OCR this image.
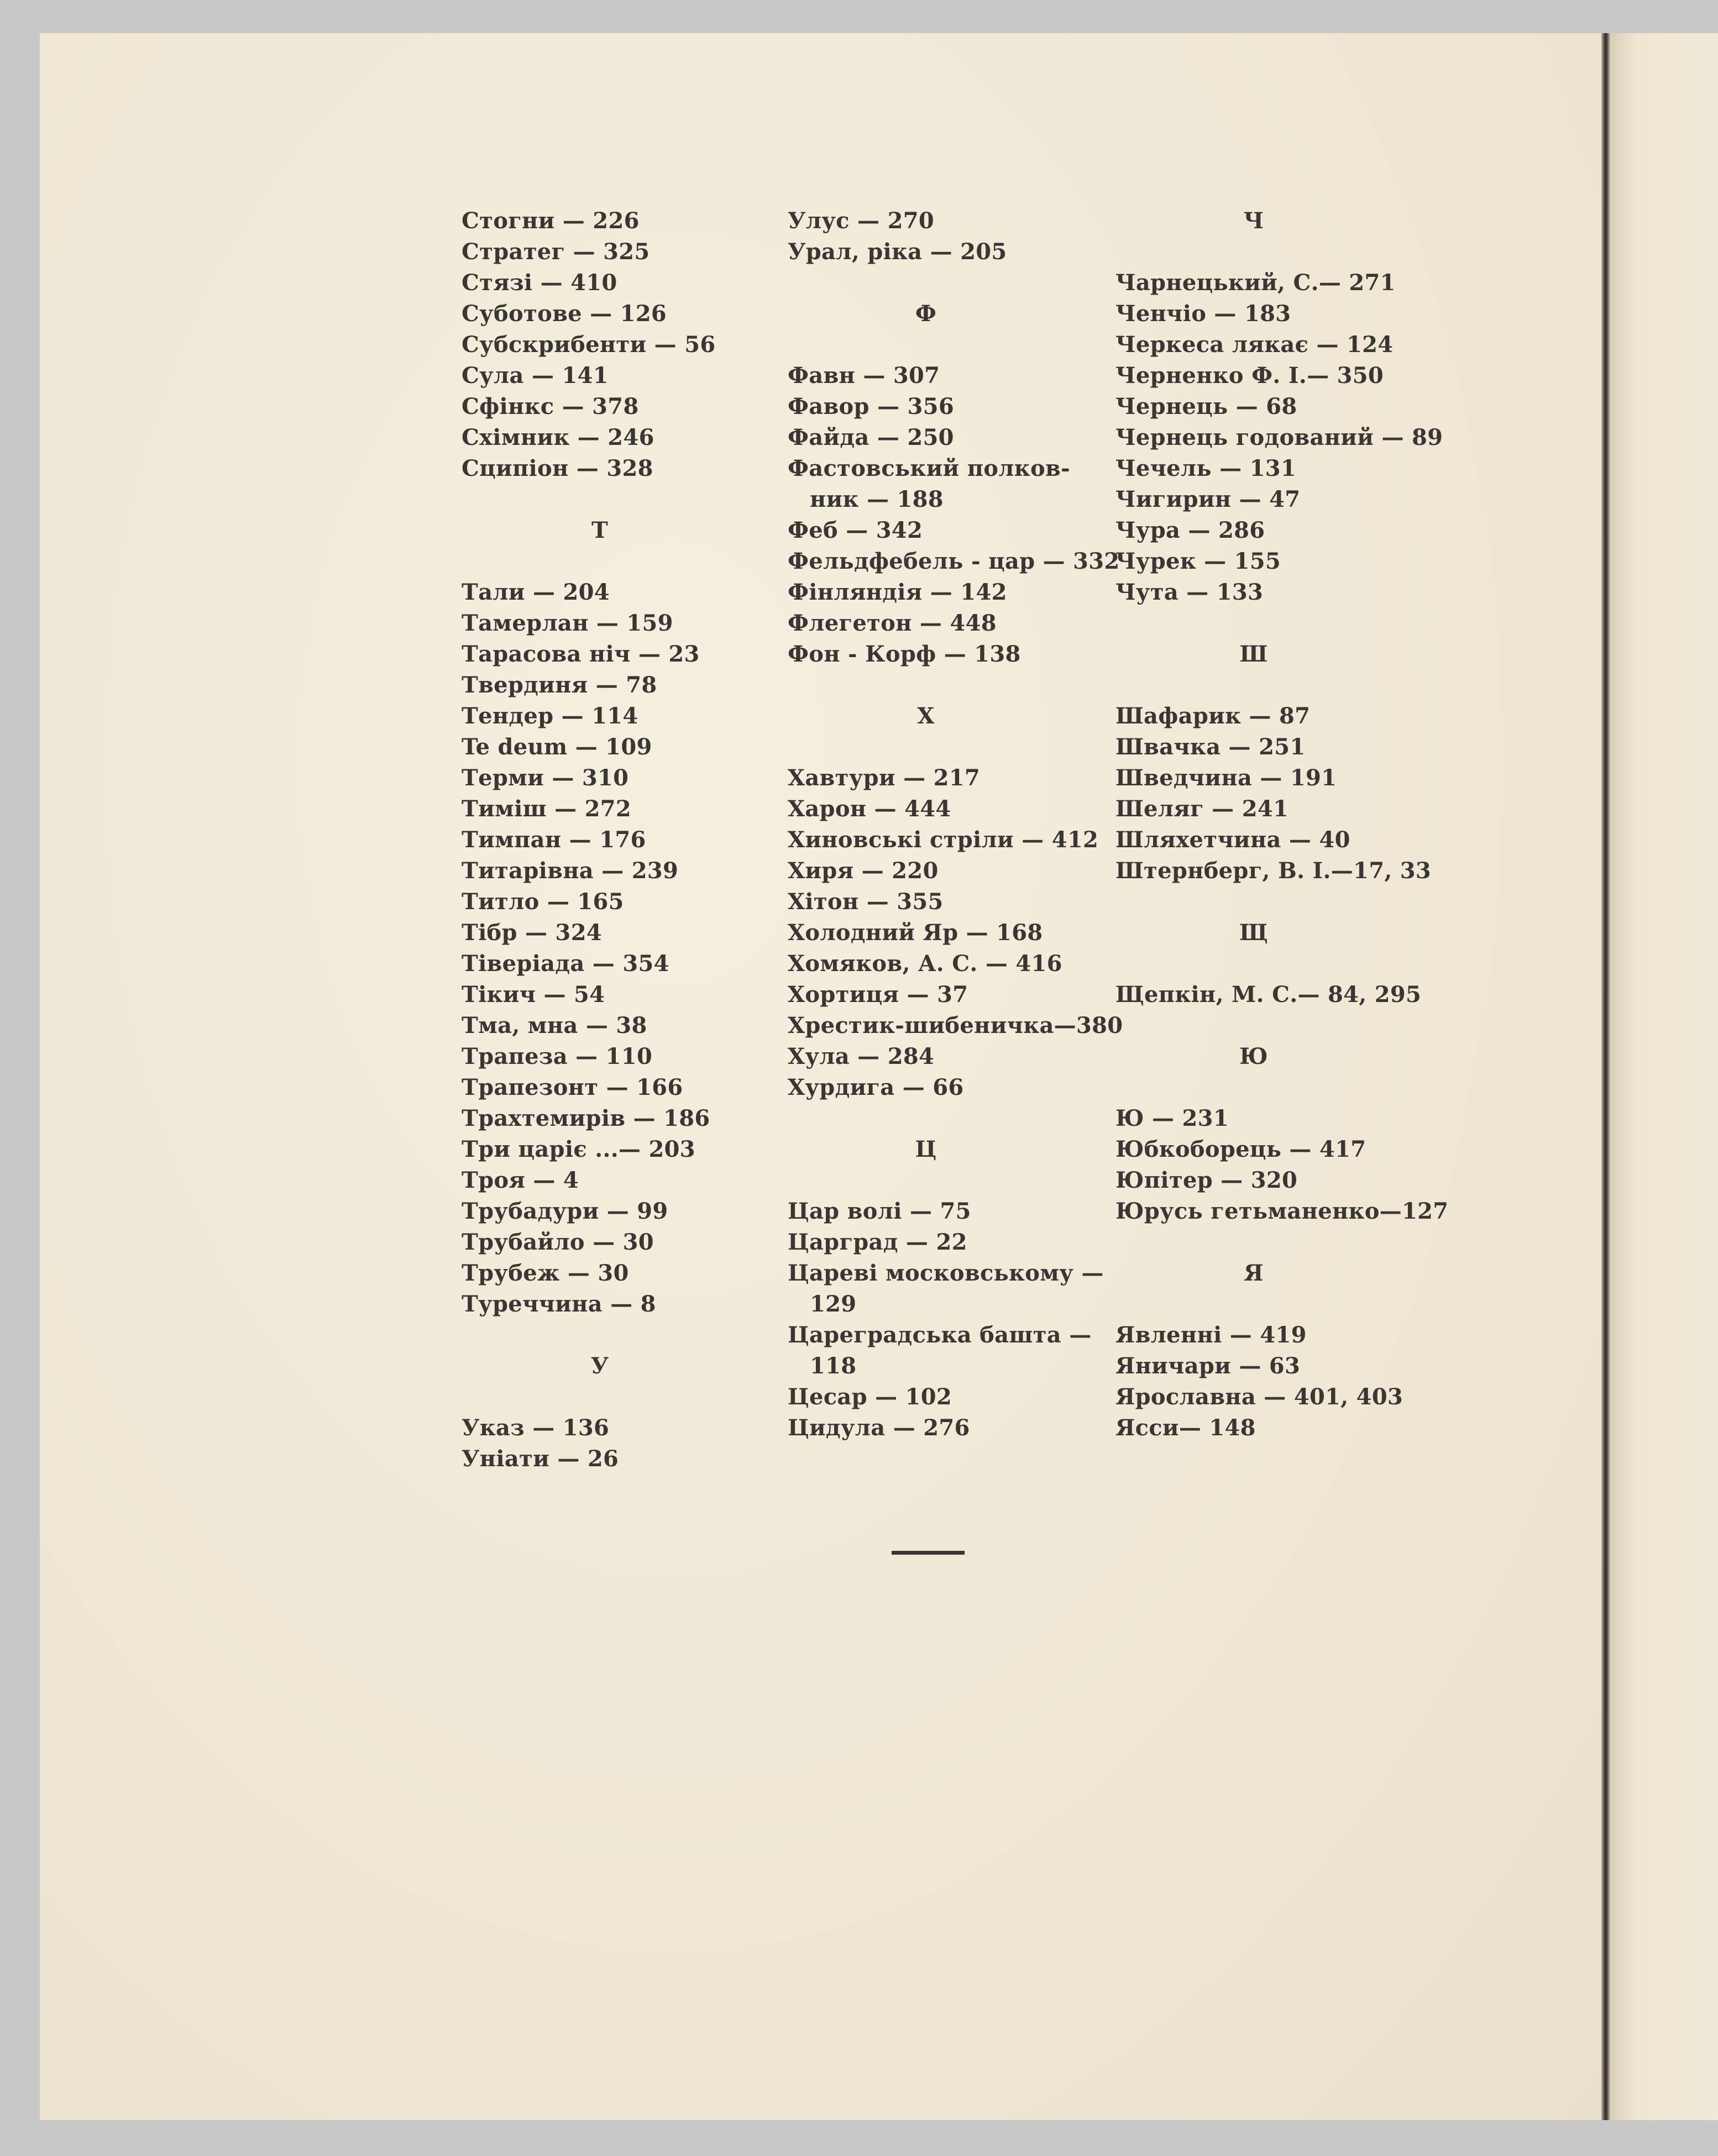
Стогни — 226
Стратег — 325
Стязі — 410
Суботове — 126
Субскрибенти — 56
Сула — 141
Сфінкс — 378
Схімник — 246
Сципіон — 328
Т
Тали — 204
Тамерлан — 159
Тарасова ніч — 23
Твердиня — 78
Тендер — 114
Te deum — 109
Терми — 310
Тиміш — 272
Тимпан — 176
Титарівна — 239
Титло — 165
Тібр — 324
Тіверіада — 354
Тікич — 54
Тма, мна — 38
Трапеза — 110
Трапезонт — 166
Трахтемирів — 186
Три царіє ...— 203
Троя — 4
Трубадури — 99
Трубайло — 30
Трубеж — 30
Туреччина — 8
У
Указ — 136
Уніати — 26
Улус — 270
Урал, ріка — 205
Ф
Фавн — 307
Фавор — 356
Файда — 250
Фастовський полков-
ник — 188
Феб — 342
Фельдфебель - цар — 332
Фінляндія — 142
Флегетон — 448
Фон - Корф — 138
Х
Хавтури — 217
Харон — 444
Хиновські стріли — 412
Хиря — 220
Хітон — 355
Холодний Яр — 168
Хомяков, А. С. — 416
Хортиця — 37
Хрестик-шибеничка—380
Хула — 284
Хурдига — 66
Ц
Цар волі — 75
Царград — 22
Цареві московському —
129
Цареградська башта —
118
Цесар — 102
Цидула — 276
Ч
Чарнецький, С.— 271
Ченчіо — 183
Черкеса лякає — 124
Черненко Ф. І.— 350
Чернець — 68
Чернець годований — 89
Чечель — 131
Чигирин — 47
Чура — 286
Чурек — 155
Чута — 133
Ш
Шафарик — 87
Швачка — 251
Шведчина — 191
Шеляг — 241
Шляхетчина — 40
Штернберг, В. І.—17, 33
Щ
Щепкін, М. С.— 84, 295
Ю
Ю — 231
Юбкоборець — 417
Юпітер — 320
Юрусь гетьманенко—127
Я
Явленні — 419
Яничари — 63
Ярославна — 401, 403
Ясси— 148
